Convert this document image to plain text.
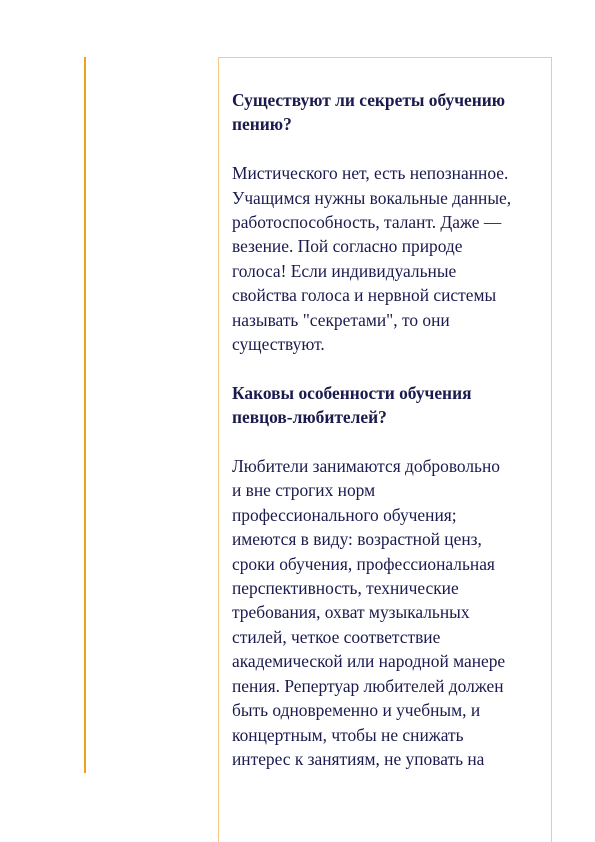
Существуют ли секреты обучению
пению?
Мистического нет, есть непознанное.
Учащимся нужны вокальные данные,
работоспособность, талант. Даже —
везение. Пой согласно природе
голоса! Если индивидуальные
свойства голоса и нервной системы
называть "секретами", то они
существуют.
Каковы особенности обучения
певцов-любителей?
Любители занимаются добровольно
и вне строгих норм
профессионального обучения;
имеются в виду: возрастной ценз,
сроки обучения, профессиональная
перспективность, технические
требования, охват музыкальных
стилей, четкое соответствие
академической или народной манере
пения. Репертуар любителей должен
быть одновременно и учебным, и
концертным, чтобы не снижать
интерес к занятиям, не уповать на
